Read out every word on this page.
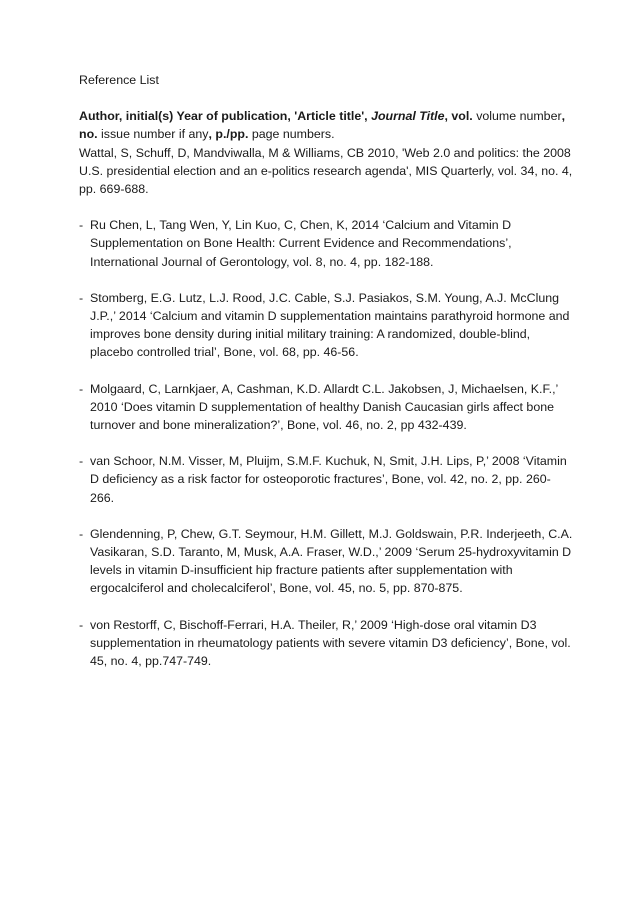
Reference List

Author, initial(s) Year of publication, 'Article title', Journal Title, vol. volume number, no. issue number if any, p./pp. page numbers.

Wattal, S, Schuff, D, Mandviwalla, M & Williams, CB 2010, 'Web 2.0 and politics: the 2008 U.S. presidential election and an e-politics research agenda', MIS Quarterly, vol. 34, no. 4, pp. 669-688.

- Ru Chen, L, Tang Wen, Y, Lin Kuo, C, Chen, K, 2014 ‘Calcium and Vitamin D Supplementation on Bone Health: Current Evidence and Recommendations’, International Journal of Gerontology, vol. 8, no. 4, pp. 182-188.
- Stomberg, E.G. Lutz, L.J. Rood, J.C. Cable, S.J. Pasiakos, S.M. Young, A.J. McClung J.P.,’ 2014 ‘Calcium and vitamin D supplementation maintains parathyroid hormone and improves bone density during initial military training: A randomized, double-blind, placebo controlled trial’, Bone, vol. 68, pp. 46-56.
- Molgaard, C, Larnkjaer, A, Cashman, K.D. Allardt C.L. Jakobsen, J, Michaelsen, K.F.,’ 2010 ‘Does vitamin D supplementation of healthy Danish Caucasian girls affect bone turnover and bone mineralization?’, Bone, vol. 46, no. 2, pp 432-439.
- van Schoor, N.M. Visser, M, Pluijm, S.M.F. Kuchuk, N, Smit, J.H. Lips, P,’ 2008 ‘Vitamin D deficiency as a risk factor for osteoporotic fractures’, Bone, vol. 42, no. 2, pp. 260-266.
- Glendenning, P, Chew, G.T. Seymour, H.M. Gillett, M.J. Goldswain, P.R. Inderjeeth, C.A. Vasikaran, S.D. Taranto, M, Musk, A.A. Fraser, W.D.,’ 2009 ‘Serum 25-hydroxyvitamin D levels in vitamin D-insufficient hip fracture patients after supplementation with ergocalciferol and cholecalciferol’, Bone, vol. 45, no. 5, pp. 870-875.
- von Restorff, C, Bischoff-Ferrari, H.A. Theiler, R,’ 2009 ‘High-dose oral vitamin D3 supplementation in rheumatology patients with severe vitamin D3 deficiency’, Bone, vol. 45, no. 4, pp.747-749.
